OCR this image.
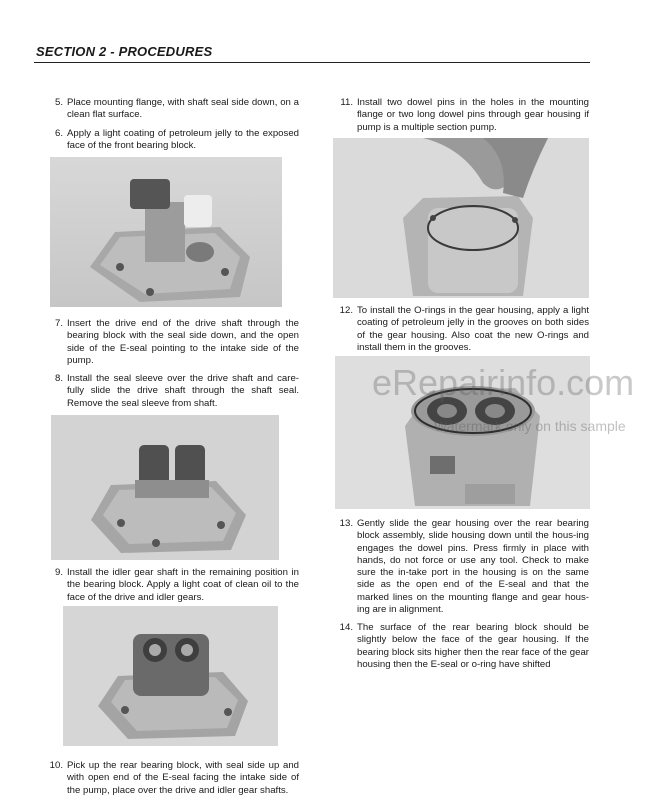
SECTION 2 - PROCEDURES
5. Place mounting flange, with shaft seal side down, on a clean flat surface.
6. Apply a light coating of petroleum jelly to the exposed face of the front bearing block.
7. Insert the drive end of the drive shaft through the bearing block with the seal side down, and the open side of the E-seal pointing to the intake side of the pump.
8. Install the seal sleeve over the drive shaft and care-fully slide the drive shaft through the shaft seal. Remove the seal sleeve from shaft.
9. Install the idler gear shaft in the remaining position in the bearing block. Apply a light coat of clean oil to the face of the drive and idler gears.
10. Pick up the rear bearing block, with seal side up and with open end of the E-seal facing the intake side of the pump, place over the drive and idler gear shafts.
11. Install two dowel pins in the holes in the mounting flange or two long dowel pins through gear housing if pump is a multiple section pump.
12. To install the O-rings in the gear housing, apply a light coating of petroleum jelly in the grooves on both sides of the gear housing. Also coat the new O-rings and install them in the grooves.
13. Gently slide the gear housing over the rear bearing block assembly, slide housing down until the hous-ing engages the dowel pins. Press firmly in place with hands, do not force or use any tool. Check to make sure the in-take port in the housing is on the same side as the open end of the E-seal and that the marked lines on the mounting flange and gear hous-ing are in alignment.
14. The surface of the rear bearing block should be slightly below the face of the gear housing. If the bearing block sits higher then the rear face of the gear housing then the E-seal or o-ring have shifted
eRepairinfo.com
Watermark only on this sample
